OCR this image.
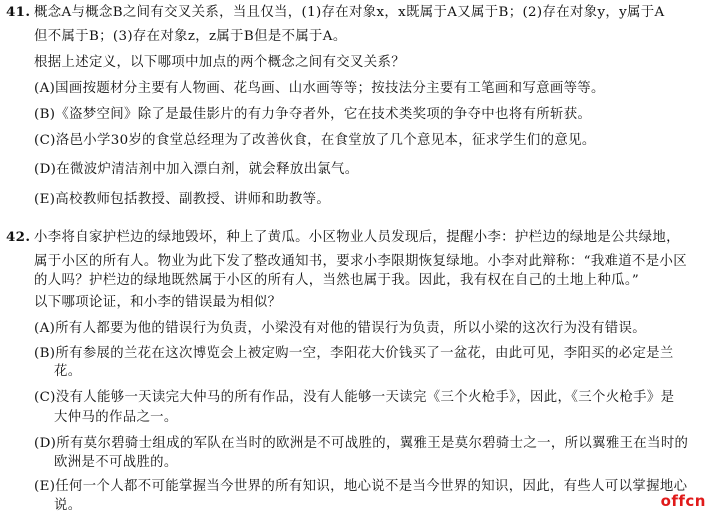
41. 概念A与概念B之间有交叉关系，当且仅当，(1)存在对象x，x既属于A又属于B；(2)存在对象y，y属于A
但不属于B；(3)存在对象z，z属于B但是不属于A。
根据上述定义，以下哪项中加点的两个概念之间有交叉关系？
(A)国画按题材分主要有人物画、花鸟画、山水画等等；按技法分主要有工笔画和写意画等等。
(B)《盗梦空间》除了是最佳影片的有力争夺者外，它在技术类奖项的争夺中也将有所斩获。
(C)洛邑小学30岁的食堂总经理为了改善伙食，在食堂放了几个意见本，征求学生们的意见。
(D)在微波炉清洁剂中加入漂白剂，就会释放出氯气。
(E)高校教师包括教授、副教授、讲师和助教等。
42. 小李将自家护栏边的绿地毁坏，种上了黄瓜。小区物业人员发现后，提醒小李：护栏边的绿地是公共绿地，
属于小区的所有人。物业为此下发了整改通知书，要求小李限期恢复绿地。小李对此辩称：“我难道不是小区
的人吗？护栏边的绿地既然属于小区的所有人，当然也属于我。因此，我有权在自己的土地上种瓜。”
以下哪项论证，和小李的错误最为相似？
(A)所有人都要为他的错误行为负责，小梁没有对他的错误行为负责，所以小梁的这次行为没有错误。
(B)所有参展的兰花在这次博览会上被定购一空，李阳花大价钱买了一盆花，由此可见，李阳买的必定是兰
花。
(C)没有人能够一天读完大仲马的所有作品，没有人能够一天读完《三个火枪手》，因此，《三个火枪手》是
大仲马的作品之一。
(D)所有莫尔碧骑士组成的军队在当时的欧洲是不可战胜的，翼雅王是莫尔碧骑士之一，所以翼雅王在当时的
欧洲是不可战胜的。
(E)任何一个人都不可能掌握当今世界的所有知识，地心说不是当今世界的知识，因此，有些人可以掌握地心
说。	offcn
